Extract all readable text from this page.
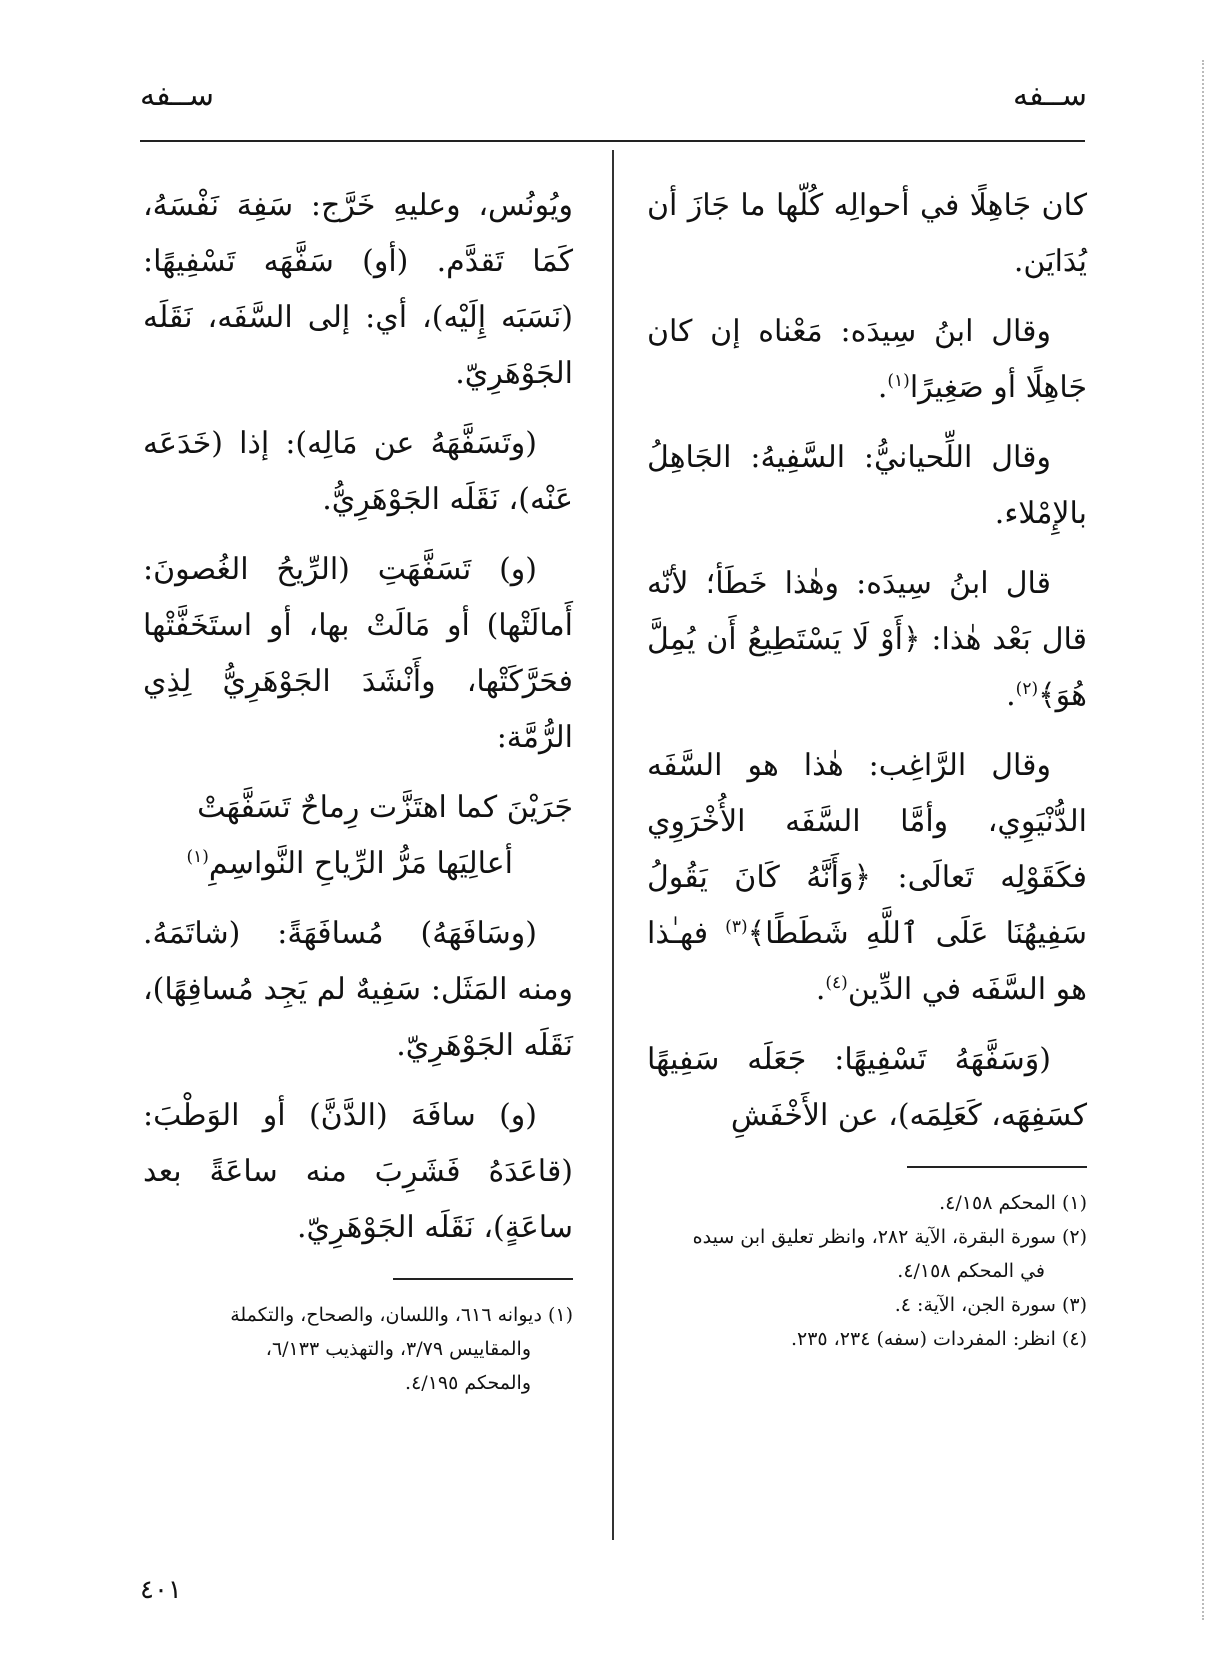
ســفه
ســفه

كان جَاهِلًا في أحوالِه كُلّها ما جَازَ أن يُدَايَن.

وقال ابنُ سِيدَه: مَعْناه إن كان جَاهِلًا أو صَغِيرًا$^{(١)}$.

وقال اللِّحيانيُّ: السَّفِيهُ: الجَاهِلُ بالإِمْلاء.

قال ابنُ سِيدَه: وهٰذا خَطَأ؛ لأنّه قال بَعْد هٰذا: ﴿أَوْ لَا يَسْتَطِيعُ أَن يُمِلَّ هُوَ﴾$^{(٢)}$.

وقال الرَّاغِب: هٰذا هو السَّفَه الدُّنْيَوِي، وأمَّا السَّفَه الأُخْرَوِي فكَقَوْلِه تَعالَى: ﴿وَأَنَّهُ كَانَ يَقُولُ سَفِيهُنَا عَلَى ٱللَّهِ شَطَطًا﴾$^{(٣)}$ فهـٰذا هو السَّفَه في الدِّين$^{(٤)}$.

(وَسَفَّهَهُ تَسْفِيهًا: جَعَلَه سَفِيهًا كسَفِهَه، كَعَلِمَه)، عن الأَخْفَشِ

(١) المحكم ٤/١٥٨.

(٢) سورة البقرة، الآية ٢٨٢، وانظر تعليق ابن سيده

في المحكم ٤/١٥٨.

(٣) سورة الجن، الآية: ٤.

(٤) انظر: المفردات (سفه) ٢٣٤، ٢٣٥.

ويُونُس، وعليهِ خَرَّج: سَفِهَ نَفْسَهُ، كَمَا تَقدَّم. (أو) سَفَّهَه تَسْفِيهًا: (نَسَبَه إِلَيْه)، أي: إلى السَّفَه، نَقَلَه الجَوْهَرِيّ.

(وتَسَفَّهَهُ عن مَالِه): إذا (خَدَعَه عَنْه)، نَقَلَه الجَوْهَرِيُّ.

(و) تَسَفَّهَتِ (الرِّيحُ الغُصونَ: أَمالَتْها) أو مَالَتْ بها، أو استَخَفَّتْها فحَرَّكَتْها، وأَنْشَدَ الجَوْهَرِيُّ لِذِي الرُّمَّة:

جَرَيْنَ كما اهتَزَّت رِماحٌ تَسَفَّهَتْ

أعالِيَها مَرُّ الرِّياحِ النَّواسِمِ$^{(١)}$

(وسَافَهَهُ) مُسافَهَةً: (شاتَمَهُ. ومنه المَثَل: سَفِيهٌ لم يَجِد مُسافِهًا)، نَقَلَه الجَوْهَرِيّ.

(و) سافَهَ (الدَّنَّ) أو الوَطْبَ: (قاعَدَهُ فَشَرِبَ منه ساعَةً بعد ساعَةٍ)، نَقَلَه الجَوْهَرِيّ.

(١) ديوانه ٦١٦، واللسان، والصحاح، والتكملة

والمقاييس ٣/٧٩، والتهذيب ٦/١٣٣،

والمحكم ٤/١٩٥.

٤٠١
